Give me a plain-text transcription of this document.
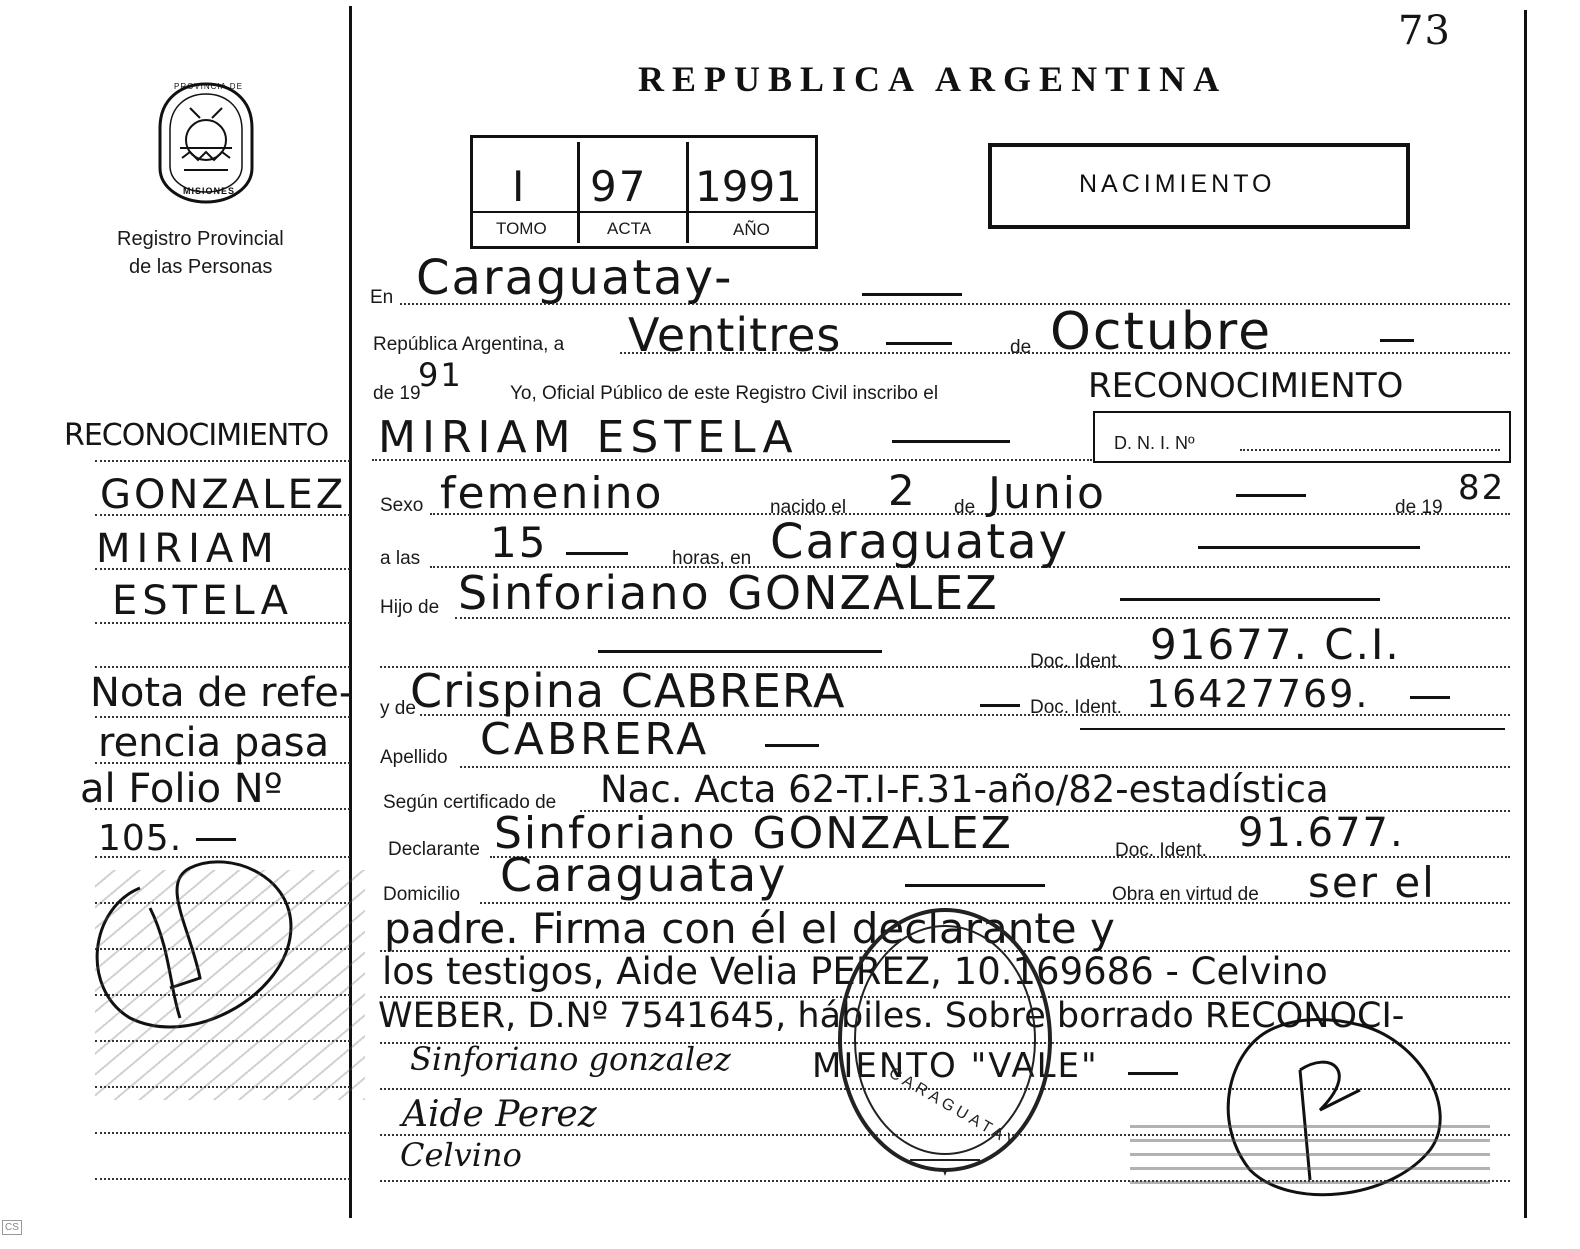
73
REPUBLICA ARGENTINA
PROVINCIA DE
MISIONES
Registro Provincial
de las Personas
I 97 1991
TOMO	ACTA	AÑO
NACIMIENTO
En Caraguatay-
República Argentina, a Ventitres	de Octubre
de 19
91 Yo, Oficial Público de este Registro Civil inscribo el	RECONOCIMIENTO
MIRIAM ESTELA	D. N. I. Nº
Sexo femenino	nacido el 2 de Junio	de 19 82
a las 15	horas, en Caraguatay
Hijo de Sinforiano GONZALEZ
Doc. Ident. 91677. C.I.
y de
Crispina CABRERA	Doc. Ident. 16427769.
Apellido CABRERA
Según certificado de Nac. Acta 62-T.I-F.31-año/82-estadística
Declarante Sinforiano GONZALEZ	Doc. Ident. 91.677.
Domicilio Caraguatay	Obra en virtud de ser el
padre. Firma con él el declarante y
los testigos, Aide Velia PEREZ, 10.169686 - Celvino
WEBER, D.Nº 7541645, hábiles. Sobre borrado RECONOCI-
MIENTO "VALE"
Sinforiano gonzalez
Aide Perez
Celvino
CARAGUATAY
RECONOCIMIENTO
GONZALEZ
MIRIAM
ESTELA
Nota de refe-
rencia pasa
al Folio Nº
105.
CS
